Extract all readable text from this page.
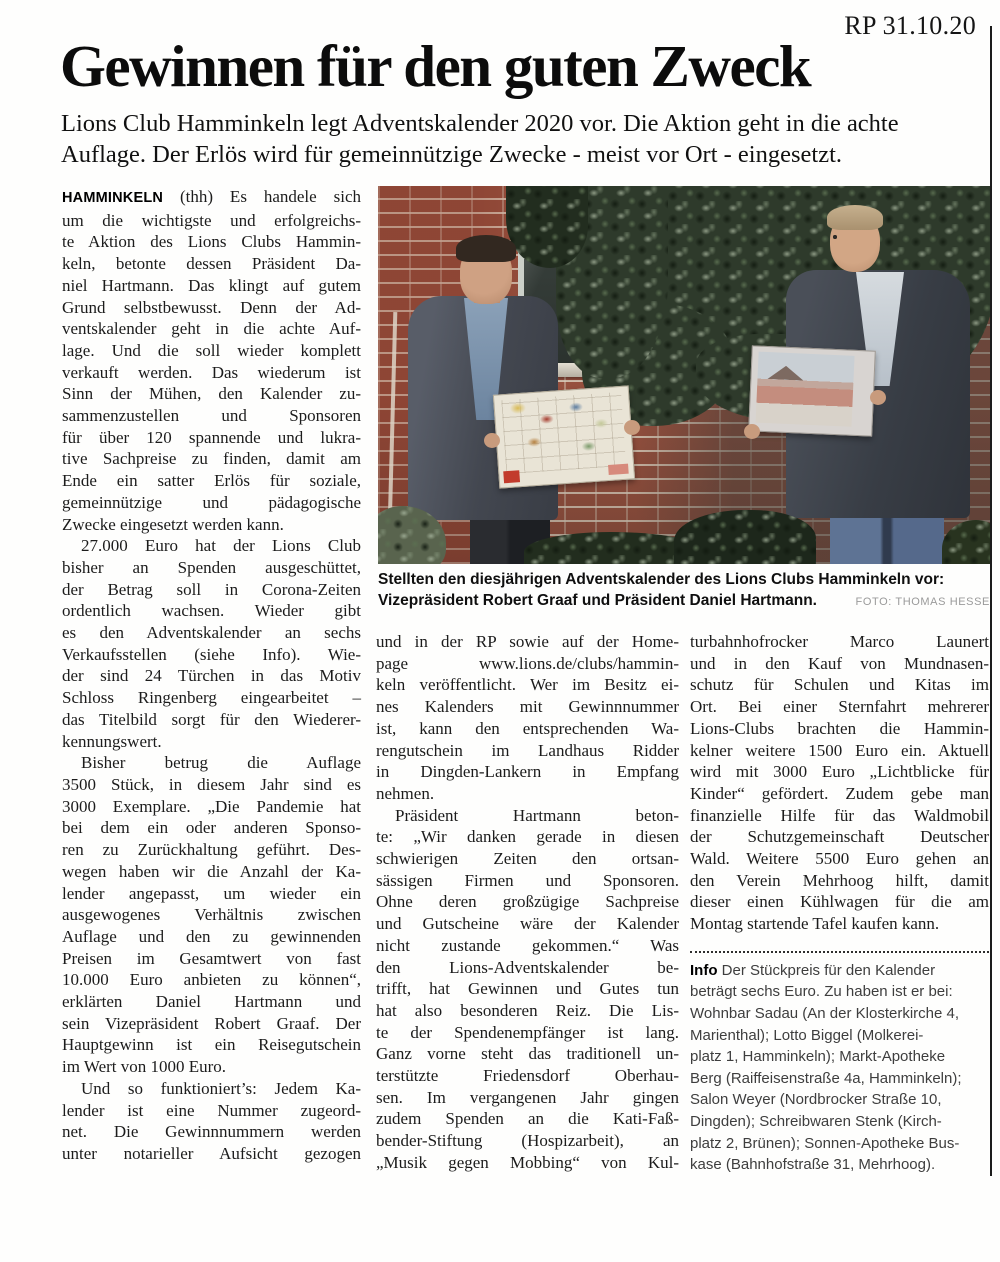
RP 31.10.20
Gewinnen für den guten Zweck
Lions Club Hamminkeln legt Adventskalender 2020 vor. Die Aktion geht in die achte
Auflage. Der Erlös wird für gemeinnützige Zwecke - meist vor Ort - eingesetzt.
Stellten den diesjährigen Adventskalender des Lions Clubs Hamminkeln vor:
Vizepräsident Robert Graaf und Präsident Daniel Hartmann.	FOTO: THOMAS HESSE
HAMMINKELN (thh) Es handele sich
um die wichtigste und erfolgreichs-
te Aktion des Lions Clubs Hammin-
keln, betonte dessen Präsident Da-
niel Hartmann. Das klingt auf gutem
Grund selbstbewusst. Denn der Ad-
ventskalender geht in die achte Auf-
lage. Und die soll wieder komplett
verkauft werden. Das wiederum ist
Sinn der Mühen, den Kalender zu-
sammenzustellen und Sponsoren
für über 120 spannende und lukra-
tive Sachpreise zu finden, damit am
Ende ein satter Erlös für soziale,
gemeinnützige und pädagogische
Zwecke eingesetzt werden kann.
27.000 Euro hat der Lions Club
bisher an Spenden ausgeschüttet,
der Betrag soll in Corona-Zeiten
ordentlich wachsen. Wieder gibt
es den Adventskalender an sechs
Verkaufsstellen (siehe Info). Wie-
der sind 24 Türchen in das Motiv
Schloss Ringenberg eingearbeitet –
das Titelbild sorgt für den Wiederer-
kennungswert.
Bisher betrug die Auflage
3500 Stück, in diesem Jahr sind es
3000 Exemplare. „Die Pandemie hat
bei dem ein oder anderen Sponso-
ren zu Zurückhaltung geführt. Des-
wegen haben wir die Anzahl der Ka-
lender angepasst, um wieder ein
ausgewogenes Verhältnis zwischen
Auflage und den zu gewinnenden
Preisen im Gesamtwert von fast
10.000 Euro anbieten zu können“,
erklärten Daniel Hartmann und
sein Vizepräsident Robert Graaf. Der
Hauptgewinn ist ein Reisegutschein
im Wert von 1000 Euro.
Und so funktioniert’s: Jedem Ka-
lender ist eine Nummer zugeord-
net. Die Gewinnnummern werden
unter notarieller Aufsicht gezogen
und in der RP sowie auf der Home-
page www.lions.de/clubs/hammin-
keln veröffentlicht. Wer im Besitz ei-
nes Kalenders mit Gewinnnummer
ist, kann den entsprechenden Wa-
rengutschein im Landhaus Ridder
in Dingden-Lankern in Empfang
nehmen.
Präsident Hartmann beton-
te: „Wir danken gerade in diesen
schwierigen Zeiten den ortsan-
sässigen Firmen und Sponsoren.
Ohne deren großzügige Sachpreise
und Gutscheine wäre der Kalender
nicht zustande gekommen.“ Was
den Lions-Adventskalender be-
trifft, hat Gewinnen und Gutes tun
hat also besonderen Reiz. Die Lis-
te der Spendenempfänger ist lang.
Ganz vorne steht das traditionell un-
terstützte Friedensdorf Oberhau-
sen. Im vergangenen Jahr gingen
zudem Spenden an die Kati-Faß-
bender-Stiftung (Hospizarbeit), an
„Musik gegen Mobbing“ von Kul-
turbahnhofrocker Marco Launert
und in den Kauf von Mundnasen-
schutz für Schulen und Kitas im
Ort. Bei einer Sternfahrt mehrerer
Lions-Clubs brachten die Hammin-
kelner weitere 1500 Euro ein. Aktuell
wird mit 3000 Euro „Lichtblicke für
Kinder“ gefördert. Zudem gebe man
finanzielle Hilfe für das Waldmobil
der Schutzgemeinschaft Deutscher
Wald. Weitere 5500 Euro gehen an
den Verein Mehrhoog hilft, damit
dieser einen Kühlwagen für die am
Montag startende Tafel kaufen kann.
Info Der Stückpreis für den Kalender
beträgt sechs Euro. Zu haben ist er bei:
Wohnbar Sadau (An der Klosterkirche 4,
Marienthal); Lotto Biggel (Molkerei-
platz 1, Hamminkeln); Markt-Apotheke
Berg (Raiffeisenstraße 4a, Hamminkeln);
Salon Weyer (Nordbrocker Straße 10,
Dingden); Schreibwaren Stenk (Kirch-
platz 2, Brünen); Sonnen-Apotheke Bus-
kase (Bahnhofstraße 31, Mehrhoog).
